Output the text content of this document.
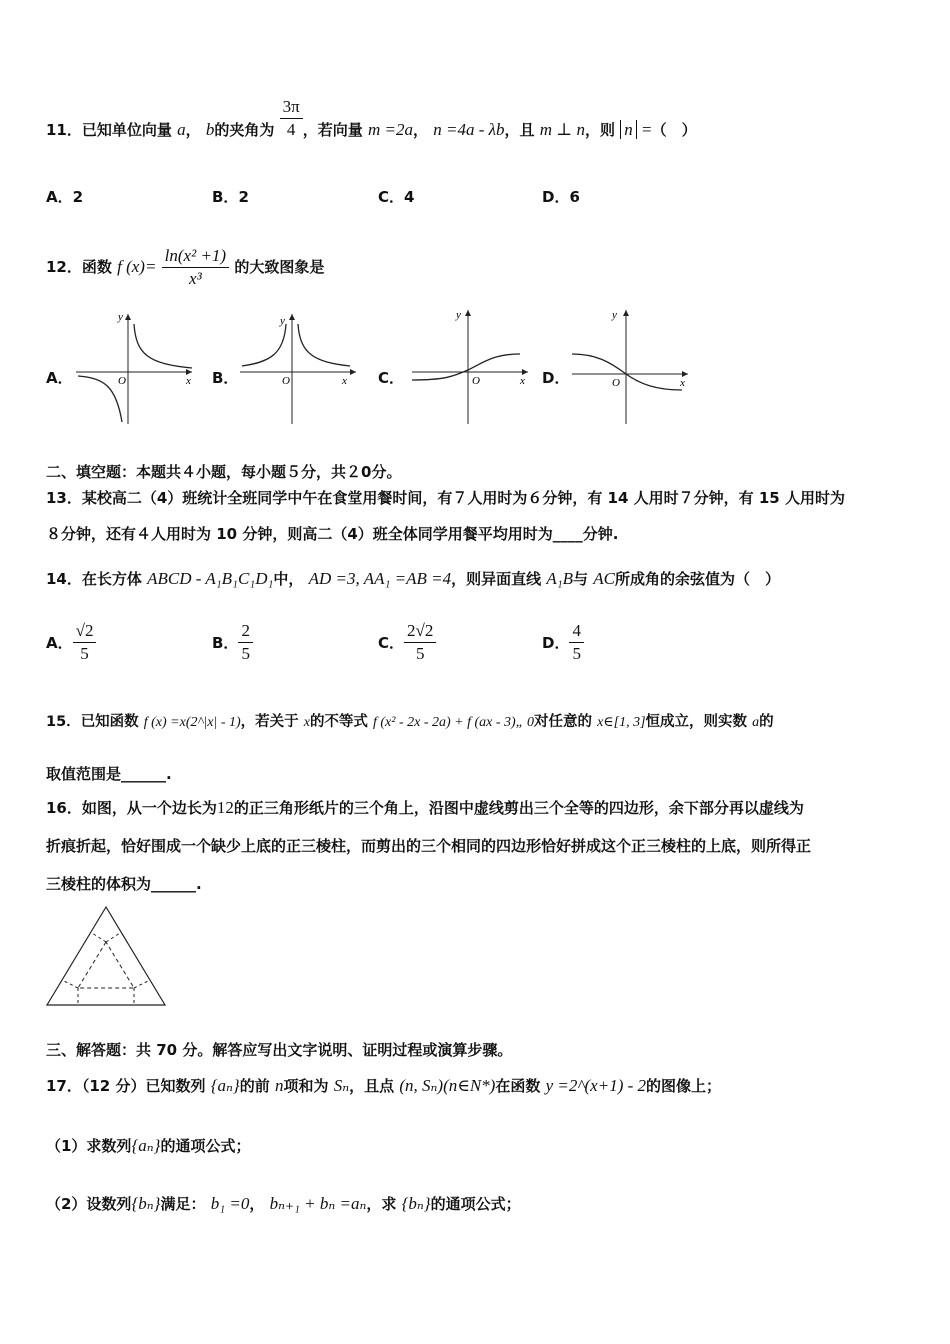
11．已知单位向量 a， b的夹角为 $\frac{3\pi}{4}$ ，若向量 m =2a， n =4a - λb，且 m ⊥ n，则 n =（　）
A．2	B．2	C．4	D．6
12．函数 f $(x)= \frac{\text{ln(x² +1)}}{\text{x³}}$ 的大致图象是
A．	B．	C．	D．
y
x
O
y
x
O
y
x
O
y
x
O
二、填空题：本题共４小题，每小题５分，共２0分。
13．某校高二（4）班统计全班同学中午在食堂用餐时间，有７人用时为６分钟，有 14 人用时７分钟，有 15 人用时为
８分钟，还有４人用时为 10 分钟，则高二（4）班全体同学用餐平均用时为____分钟.
14．在长方体 ABCD - A₁B₁C₁D₁中， AD =3, AA₁ =AB =4，则异面直线 A₁B与 AC所成角的余弦值为（　）
A． $\frac{√2}{5}$	B． $\frac{2}{5}$	C． $\frac{2√2}{5}$	D． $\frac{4}{5}$
15．已知函数 f (x) =x(2^|x| - 1)，若关于 x的不等式 f (x² - 2x - 2a) + f (ax - 3)„ 0对任意的 x∈[1, 3]恒成立，则实数 a的
取值范围是______.
16．如图，从一个边长为12的正三角形纸片的三个角上，沿图中虚线剪出三个全等的四边形，余下部分再以虚线为
折痕折起，恰好围成一个缺少上底的正三棱柱，而剪出的三个相同的四边形恰好拼成这个正三棱柱的上底，则所得正
三棱柱的体积为______.
三、解答题：共 70 分。解答应写出文字说明、证明过程或演算步骤。
17．（12 分）已知数列 {aₙ}的前 n项和为 Sₙ，且点 (n, Sₙ)(n∈N*)在函数 y =2^(x+1) - 2的图像上；
（1）求数列{aₙ}的通项公式；
（2）设数列{bₙ}满足： b₁ =0， bₙ₊₁ + bₙ =aₙ，求 {bₙ}的通项公式；
